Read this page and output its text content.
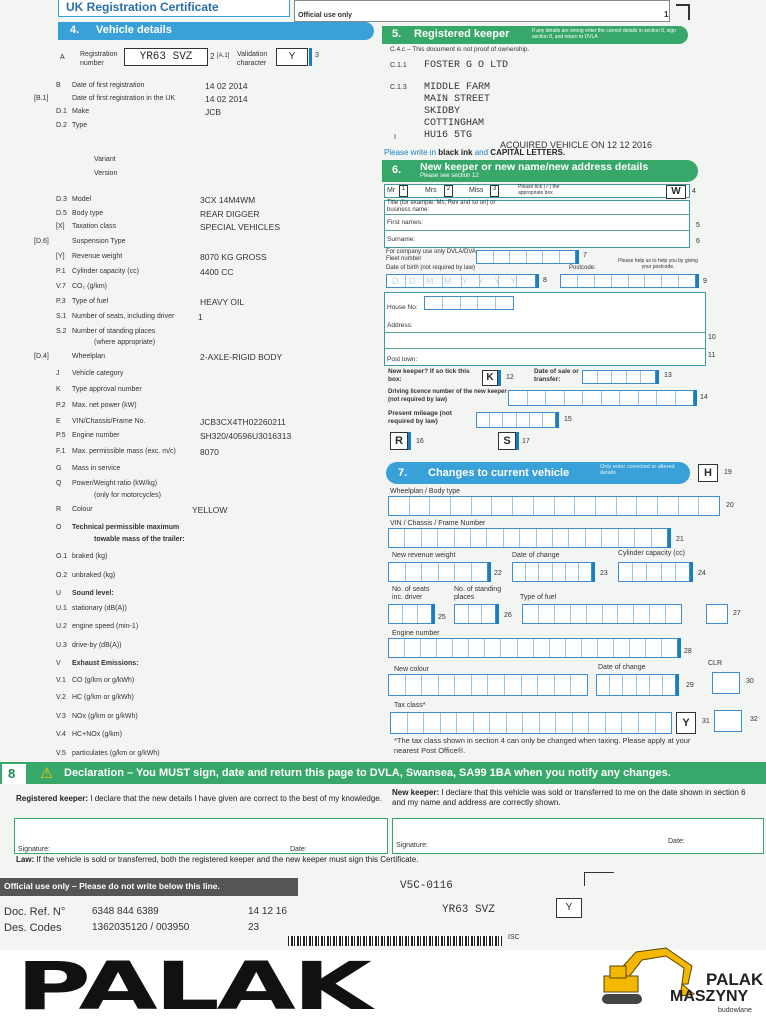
UK Registration Certificate
Official use only	1
4. Vehicle details
A Registration number
YR63 SVZ	2 [A.1] Validation character
Y	3
B Date of first registration	14 02 2014
[B.1]	Date of first registration in the UK	14 02 2014
D.1 Make	JCB
D.2 Type
Variant
Version
D.3 Model	3CX 14M4WM
D.5 Body type	REAR DIGGER
[X] Taxation class	SPECIAL VEHICLES
[D.6]	Suspension Type
[Y] Revenue weight	8070 KG GROSS
P.1 Cylinder capacity (cc)	4400 CC
V.7 CO₂ (g/km)
P.3 Type of fuel	HEAVY OIL
S.1 Number of seats, including driver	1
S.2 Number of standing places
(where appropriate)
[D.4]	Wheelplan	2-AXLE-RIGID BODY
J Vehicle category
K Type approval number
P.2 Max. net power (kW)
E VIN/Chassis/Frame No.	JCB3CX4TH02260211
P.5 Engine number	SH320/40596U3016313
F.1 Max. permissible mass (exc. m/c)	8070
G Mass in service
Q Power/Weight ratio (kW/kg)
(only for motorcycles)
R Colour	YELLOW
O Technical permissible maximum
towable mass of the trailer:
O.1 braked (kg)
O.2 unbraked (kg)
U Sound level:
U.1 stationary (dB(A))
U.2 engine speed (min-1)
U.3 drive-by (dB(A))
V Exhaust Emissions:
V.1 CO (g/km or g/kWh)
V.2 HC (g/km or g/kWh)
V.3 NOx (g/km or g/kWh)
V.4 HC+NOx (g/km)
V.5 particulates (g/km or g/kWh)
5. Registered keeper	If any details are wrong enter the correct details in section 6, sign section 8, and return to DVLA
C.4.c – This document is not proof of ownership.
C.1.1 FOSTER G O LTD
C.1.3 MIDDLE FARM
MAIN STREET
SKIDBY
COTTINGHAM
HU16 5TG
I
ACQUIRED VEHICLE ON 12 12 2016
Please write in black ink and CAPITAL LETTERS.
6. New keeper or new name/new address details
Please see section 12
Mr	1	Mrs	2	Miss	3	Please tick (✓) the appropriate box	W	4
Title (for example, Ms, Rev and so on) or business name:
First names:	5
Surname:	6
For company use only DVLA/DVA Fleet number	7
Date of birth (not required by law)	Postcode:
Please help us to help you by giving your postcode.
D D M M Y Y Y Y	8	9
House No:
Address:
10
Post town:
11
New keeper? If so tick this box:	K	12
Date of sale or transfer:
13
Driving licence number of the new keeper (not required by law)	14
Present mileage (not required by law)	15
R	16	S	17
7. Changes to current vehicle	Only enter corrected or altered details	H	19
Wheelplan / Body type
20
VIN / Chassis / Frame Number
21
New revenue weight	Date of change	Cylinder capacity (cc)
22	23	24
No. of seats inc. driver
No. of standing places	Type of fuel
25	26	27
Engine number
28
New colour	Date of change
CLR
29
30
Tax class*
Y	31	32
*The tax class shown in section 4 can only be changed when taxing. Please apply at your nearest Post Office®.
8 ⚠ Declaration – You MUST sign, date and return this page to DVLA, Swansea, SA99 1BA when you notify any changes.
Registered keeper: I declare that the new details I have given are correct to the best of my knowledge.
New keeper: I declare that this vehicle was sold or transferred to me on the date shown in section 6 and my name and address are correctly shown.
Signature:	Date:
Signature:
Date:
Law: If the vehicle is sold or transferred, both the registered keeper and the new keeper must sign this Certificate.
Official use only – Please do not write below this line.	V5C-0116
Doc. Ref. N°	6348 844 6389	14 12 16	YR63 SVZ	Y
Des. Codes	1362035120 / 003950	23
ISC
PALAK	PALAK
MASZYNY
budowlane
